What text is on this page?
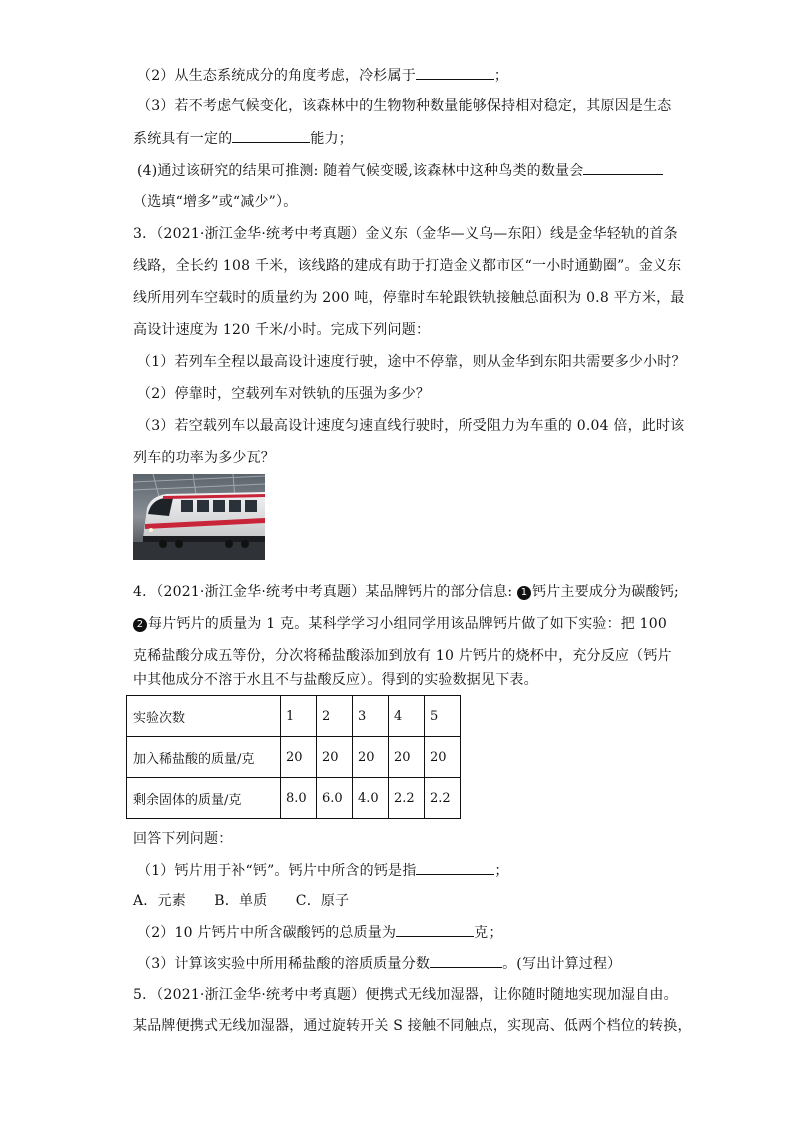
（2）从生态系统成分的角度考虑，冷杉属于	；
（3）若不考虑气候变化，该森林中的生物物种数量能够保持相对稳定，其原因是生态
系统具有一定的	能力；
(4)通过该研究的结果可推测: 随着气候变暖,该森林中这种鸟类的数量会
（选填“增多”或“减少”）。
3．（2021·浙江金华·统考中考真题）金义东（金华—义乌—东阳）线是金华轻轨的首条
线路，全长约 108 千米，该线路的建成有助于打造金义都市区“一小时通勤圈”。金义东
线所用列车空载时的质量约为 200 吨，停靠时车轮跟铁轨接触总面积为 0.8 平方米，最
高设计速度为 120 千米/小时。完成下列问题：
（1）若列车全程以最高设计速度行驶，途中不停靠，则从金华到东阳共需要多少小时？
（2）停靠时，空载列车对铁轨的压强为多少？
（3）若空载列车以最高设计速度匀速直线行驶时，所受阻力为车重的 0.04 倍，此时该
列车的功率为多少瓦？
4．（2021·浙江金华·统考中考真题）某品牌钙片的部分信息: 1 钙片主要成分为碳酸钙;
2 每片钙片的质量为 1 克。某科学学习小组同学用该品牌钙片做了如下实验：把 100
克稀盐酸分成五等份，分次将稀盐酸添加到放有 10 片钙片的烧杯中，充分反应（钙片
中其他成分不溶于水且不与盐酸反应）。得到的实验数据见下表。
实验次数	1	2	3	4	5
加入稀盐酸的质量/克	20	20	20	20	20
剩余固体的质量/克	8.0	6.0	4.0	2.2	2.2
回答下列问题：
（1）钙片用于补“钙”。钙片中所含的钙是指	；
A．元素　　B．单质　　C．原子
（2）10 片钙片中所含碳酸钙的总质量为	克；
（3）计算该实验中所用稀盐酸的溶质质量分数	。(写出计算过程）
5．（2021·浙江金华·统考中考真题）便携式无线加湿器，让你随时随地实现加湿自由。
某品牌便携式无线加湿器，通过旋转开关 S 接触不同触点，实现高、低两个档位的转换，
